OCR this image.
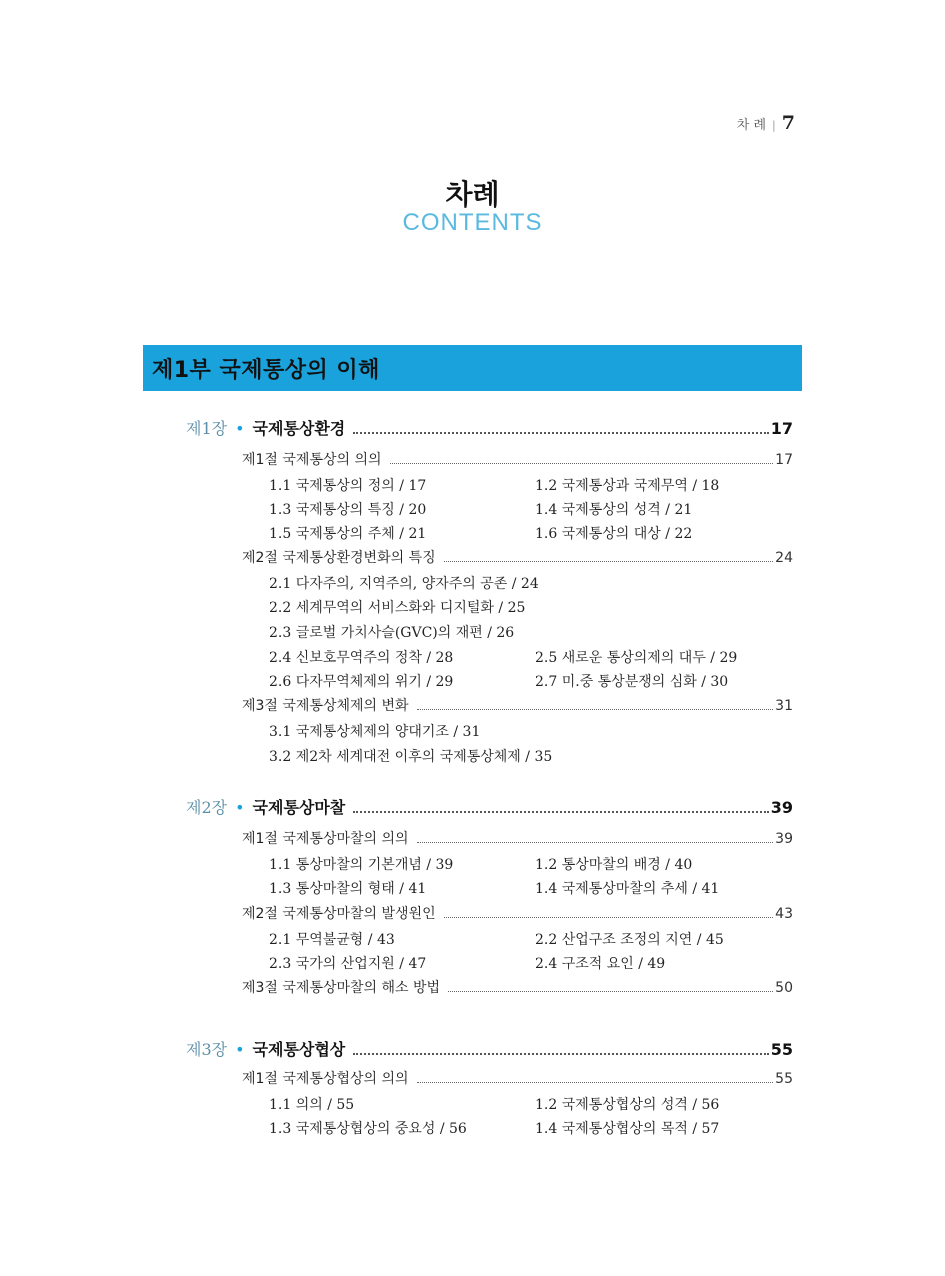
차 례 | 7
차례
CONTENTS
제1부 국제통상의 이해
제1장 • 국제통상환경	17
제1절 국제통상의 의의	17
1.1 국제통상의 정의 / 17	1.2 국제통상과 국제무역 / 18
1.3 국제통상의 특징 / 20	1.4 국제통상의 성격 / 21
1.5 국제통상의 주체 / 21	1.6 국제통상의 대상 / 22
제2절 국제통상환경변화의 특징	24
2.1 다자주의, 지역주의, 양자주의 공존 / 24
2.2 세계무역의 서비스화와 디지털화 / 25
2.3 글로벌 가치사슬(GVC)의 재편 / 26
2.4 신보호무역주의 정착 / 28	2.5 새로운 통상의제의 대두 / 29
2.6 다자무역체제의 위기 / 29	2.7 미.중 통상분쟁의 심화 / 30
제3절 국제통상체제의 변화	31
3.1 국제통상체제의 양대기조 / 31
3.2 제2차 세계대전 이후의 국제통상체제 / 35
제2장 • 국제통상마찰	39
제1절 국제통상마찰의 의의	39
1.1 통상마찰의 기본개념 / 39	1.2 통상마찰의 배경 / 40
1.3 통상마찰의 형태 / 41	1.4 국제통상마찰의 추세 / 41
제2절 국제통상마찰의 발생원인	43
2.1 무역불균형 / 43	2.2 산업구조 조정의 지연 / 45
2.3 국가의 산업지원 / 47	2.4 구조적 요인 / 49
제3절 국제통상마찰의 해소 방법	50
제3장 • 국제통상협상	55
제1절 국제통상협상의 의의	55
1.1 의의 / 55	1.2 국제통상협상의 성격 / 56
1.3 국제통상협상의 중요성 / 56	1.4 국제통상협상의 목적 / 57
